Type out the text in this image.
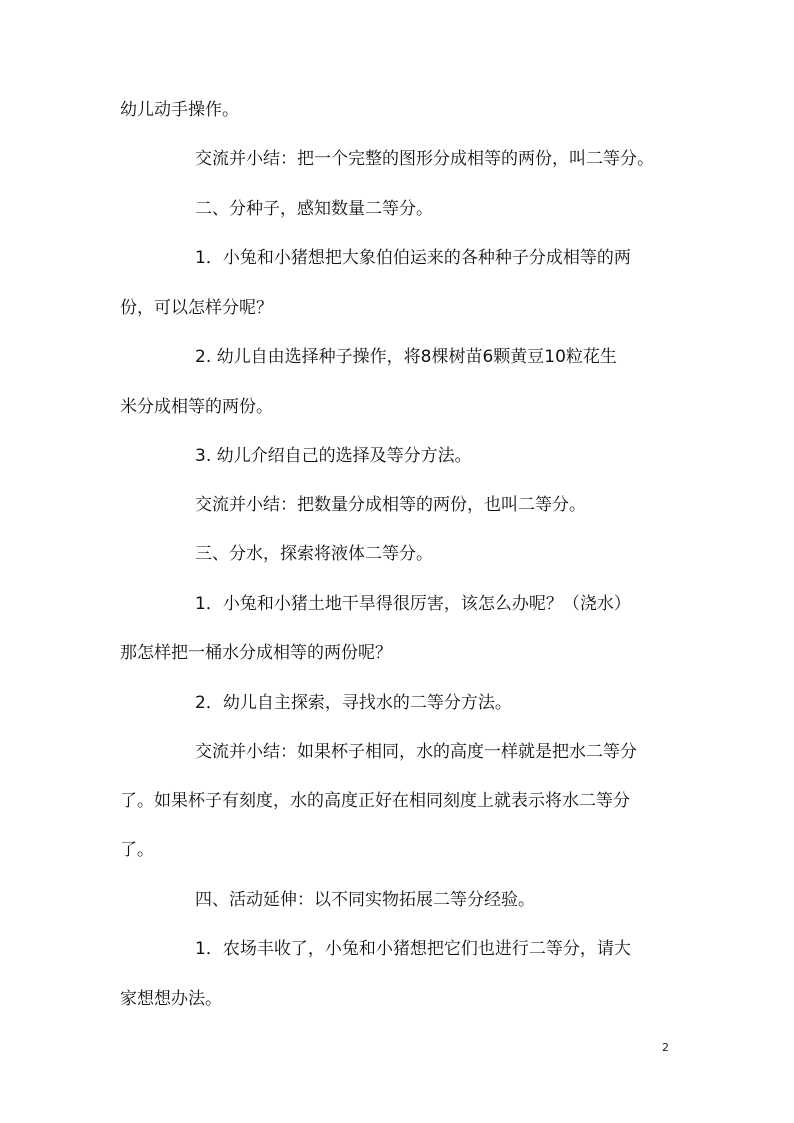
幼儿动手操作。
交流并小结：把一个完整的图形分成相等的两份，叫二等分。
二、分种子，感知数量二等分。
1．小兔和小猪想把大象伯伯运来的各种种子分成相等的两
份，可以怎样分呢？
2. 幼儿自由选择种子操作，将8棵树苗6颗黄豆10粒花生
米分成相等的两份。
3. 幼儿介绍自己的选择及等分方法。
交流并小结：把数量分成相等的两份，也叫二等分。
三、分水，探索将液体二等分。
1．小兔和小猪土地干旱得很厉害，该怎么办呢？（浇水）
那怎样把一桶水分成相等的两份呢？
2．幼儿自主探索，寻找水的二等分方法。
交流并小结：如果杯子相同，水的高度一样就是把水二等分
了。如果杯子有刻度，水的高度正好在相同刻度上就表示将水二等分
了。
四、活动延伸：以不同实物拓展二等分经验。
1．农场丰收了，小兔和小猪想把它们也进行二等分，请大
家想想办法。
2
